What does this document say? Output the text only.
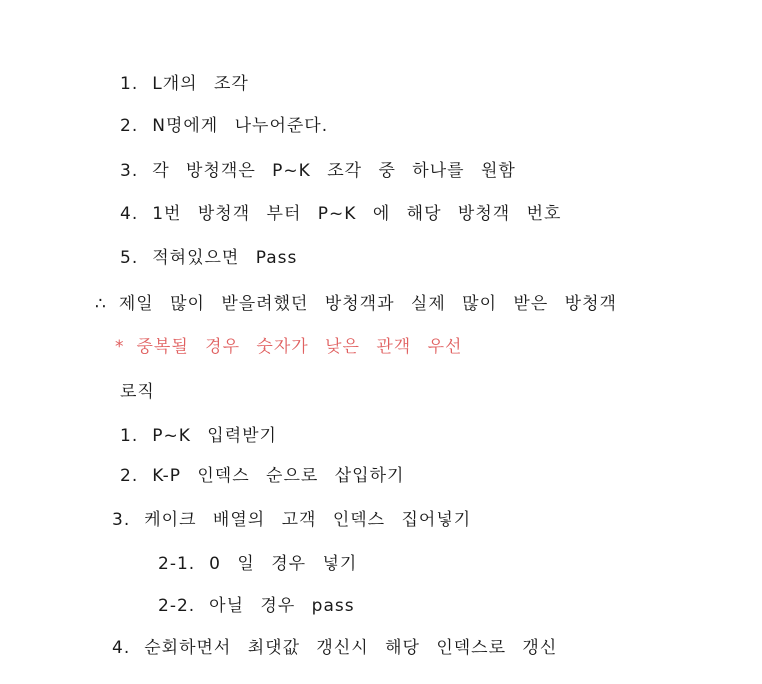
1. L개의 조각
2. N명에게 나누어준다.
3. 각 방청객은 P~K 조각 중 하나를 원함
4. 1번 방청객 부터 P~K 에 해당 방청객 번호
5. 적혀있으면 Pass
∴ 제일 많이 받을려했던 방청객과 실제 많이 받은 방청객
* 중복될 경우 숫자가 낮은 관객 우선
로직
1. P~K 입력받기
2. K-P 인덱스 순으로 삽입하기
3. 케이크 배열의 고객 인덱스 집어넣기
2-1. 0 일 경우 넣기
2-2. 아닐 경우 pass
4. 순회하면서 최댓값 갱신시 해당 인덱스로 갱신
